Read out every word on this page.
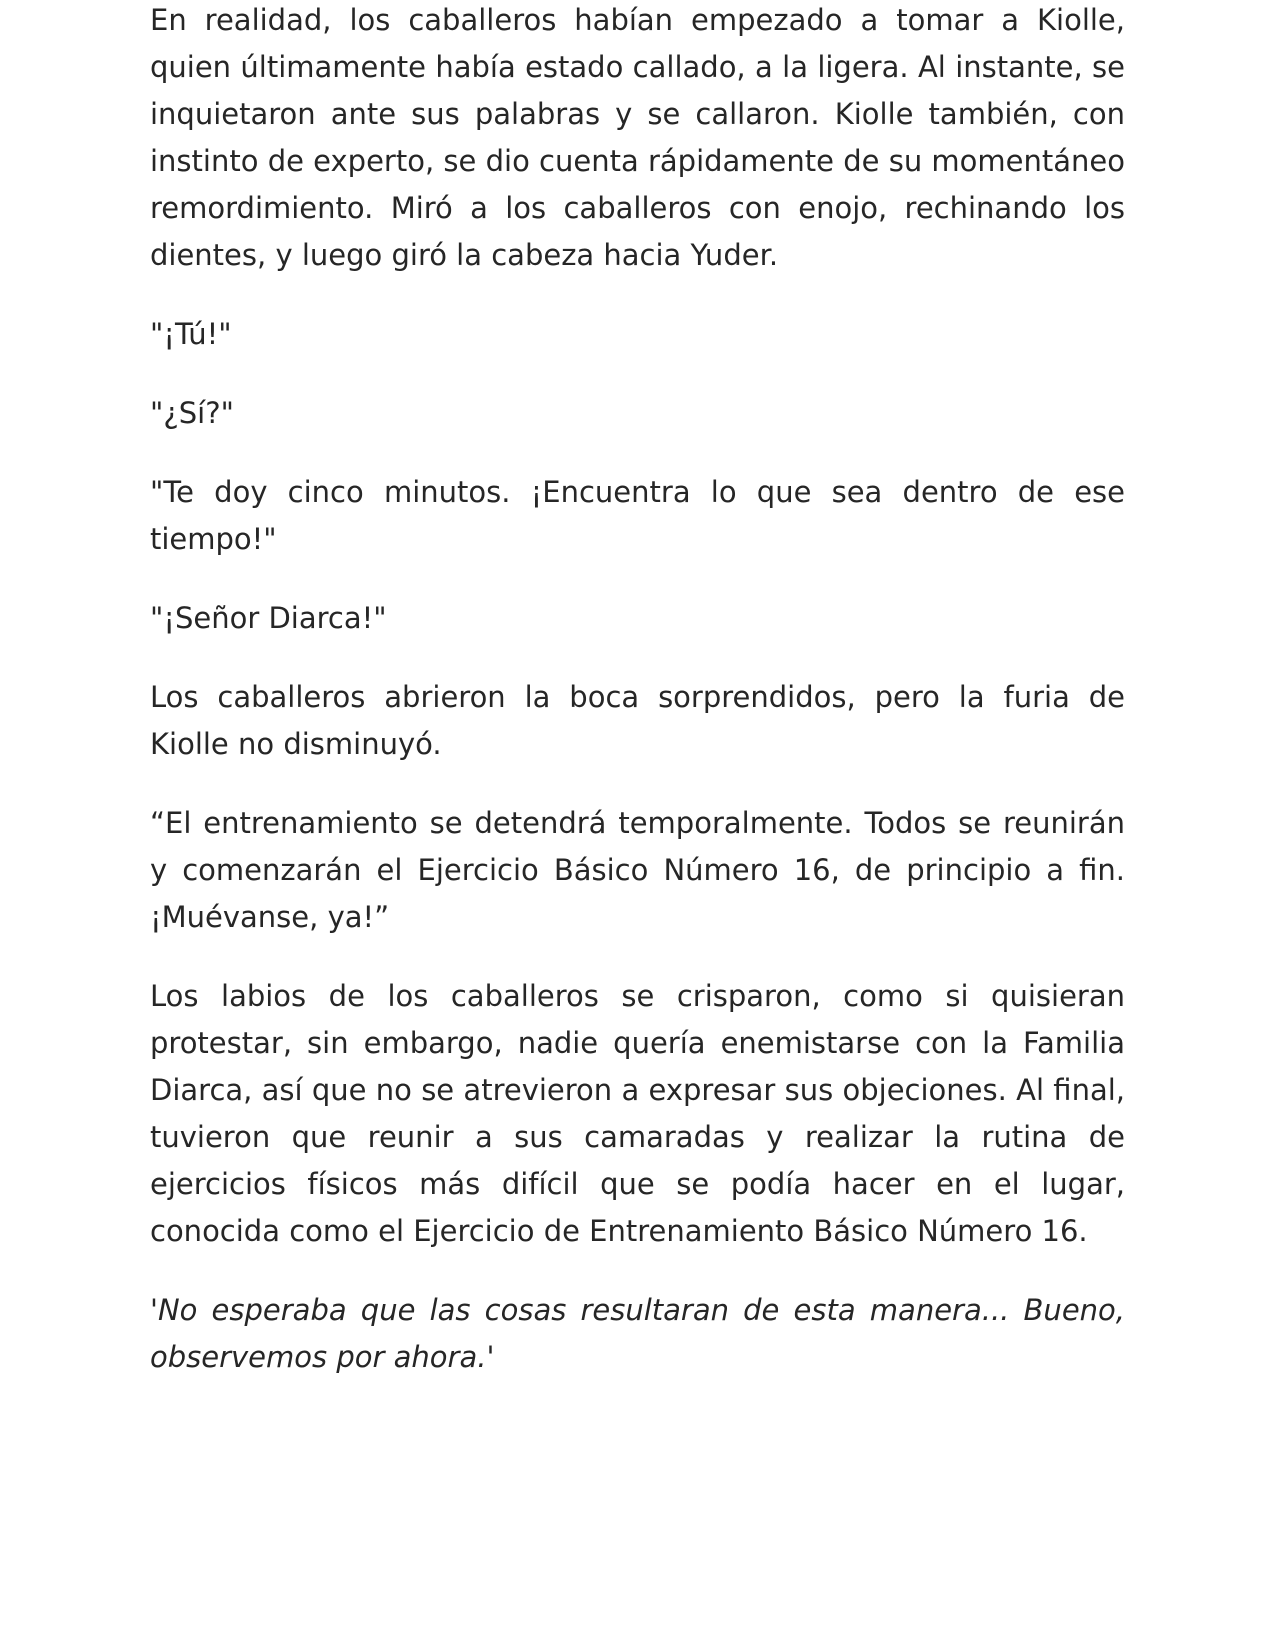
En realidad, los caballeros habían empezado a tomar a Kiolle, quien últimamente había estado callado, a la ligera. Al instante, se inquietaron ante sus palabras y se callaron. Kiolle también, con instinto de experto, se dio cuenta rápidamente de su momentáneo remordimiento. Miró a los caballeros con enojo, rechinando los dientes, y luego giró la cabeza hacia Yuder.

"¡Tú!"

"¿Sí?"

"Te doy cinco minutos. ¡Encuentra lo que sea dentro de ese tiempo!"

"¡Señor Diarca!"

Los caballeros abrieron la boca sorprendidos, pero la furia de Kiolle no disminuyó.

“El entrenamiento se detendrá temporalmente. Todos se reunirán y comenzarán el Ejercicio Básico Número 16, de principio a fin. ¡Muévanse, ya!”

Los labios de los caballeros se crisparon, como si quisieran protestar, sin embargo, nadie quería enemistarse con la Familia Diarca, así que no se atrevieron a expresar sus objeciones. Al final, tuvieron que reunir a sus camaradas y realizar la rutina de ejercicios físicos más difícil que se podía hacer en el lugar, conocida como el Ejercicio de Entrenamiento Básico Número 16.

'No esperaba que las cosas resultaran de esta manera... Bueno, observemos por ahora.'
